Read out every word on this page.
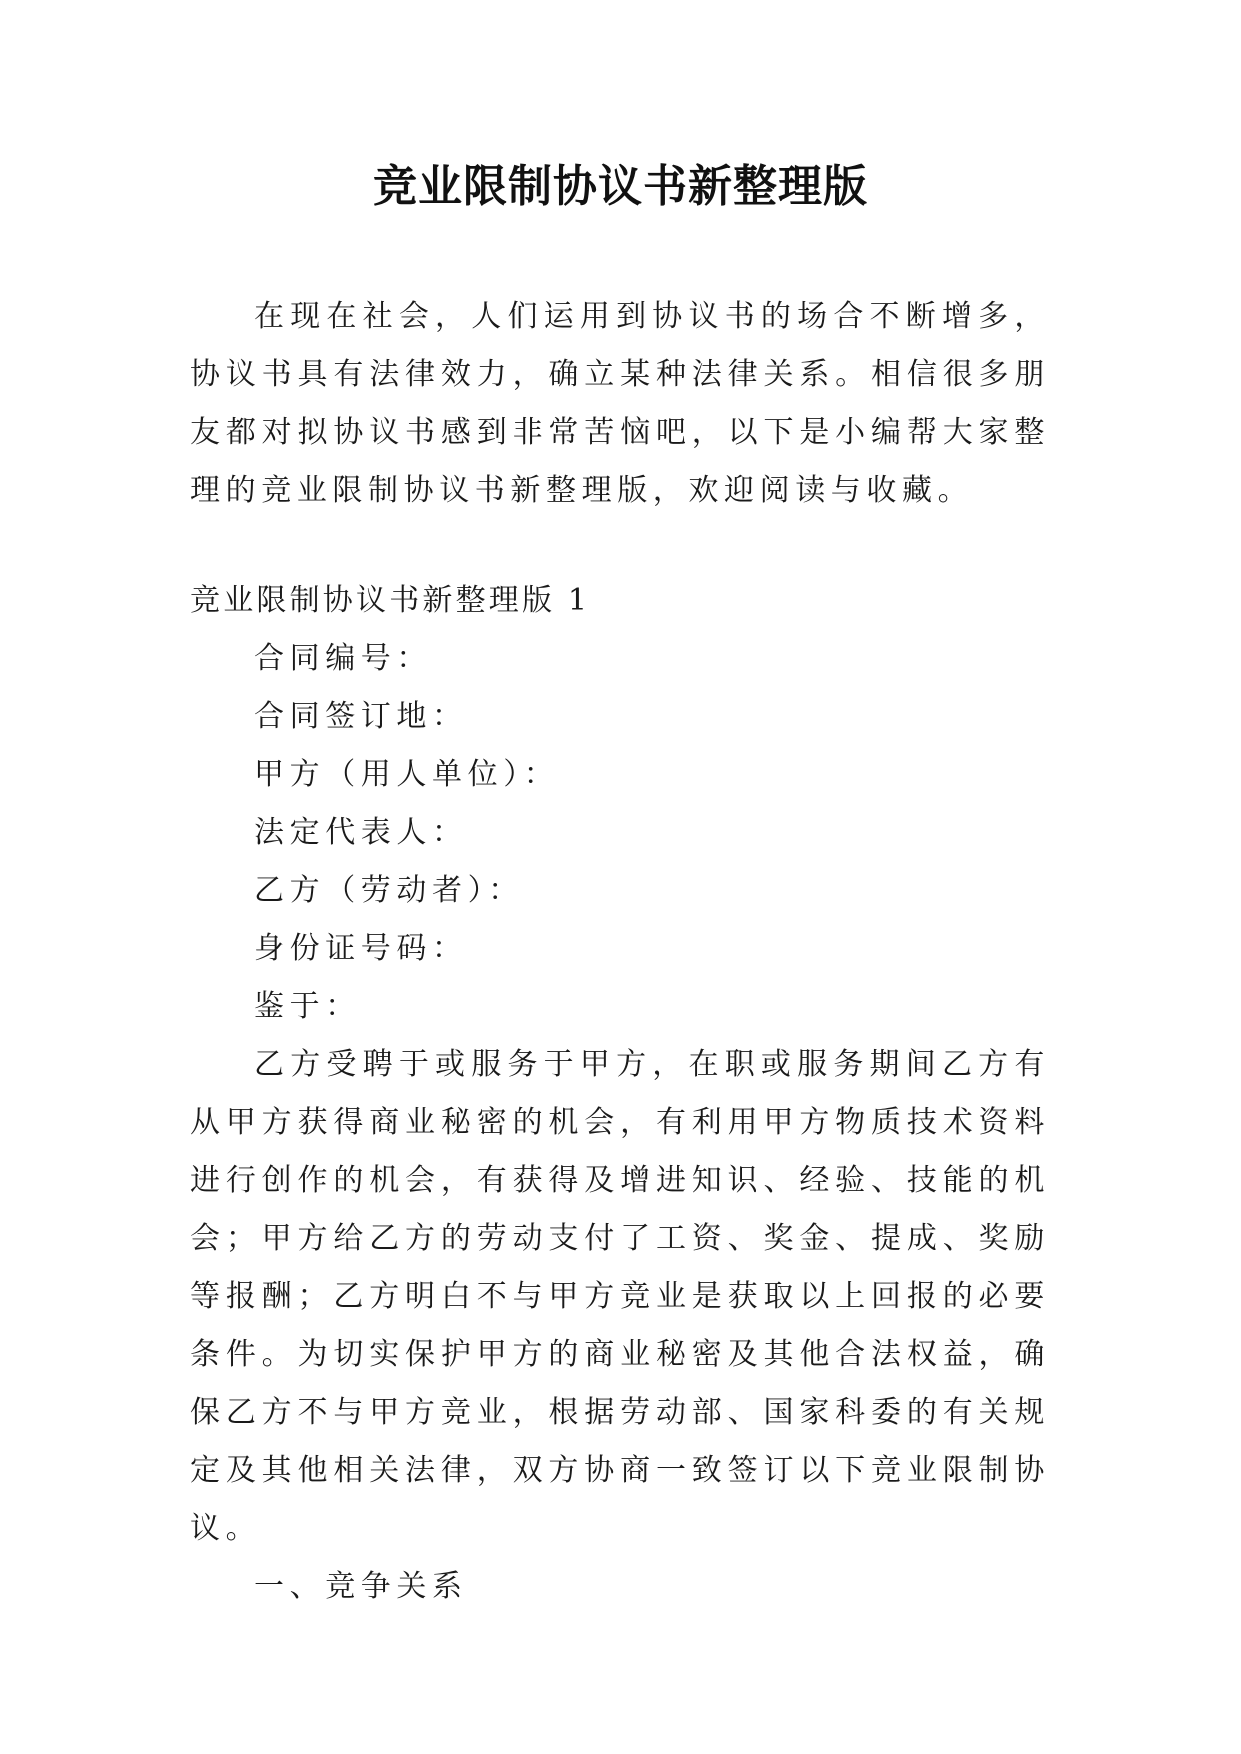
竞业限制协议书新整理版

在现在社会，人们运用到协议书的场合不断增多，协议书具有法律效力，确立某种法律关系。相信很多朋友都对拟协议书感到非常苦恼吧，以下是小编帮大家整理的竞业限制协议书新整理版，欢迎阅读与收藏。

竞业限制协议书新整理版 1

合同编号：

合同签订地：

甲方（用人单位）：

法定代表人：

乙方（劳动者）：

身份证号码：

鉴于：

乙方受聘于或服务于甲方，在职或服务期间乙方有从甲方获得商业秘密的机会，有利用甲方物质技术资料进行创作的机会，有获得及增进知识、经验、技能的机会；甲方给乙方的劳动支付了工资、奖金、提成、奖励等报酬；乙方明白不与甲方竞业是获取以上回报的必要条件。为切实保护甲方的商业秘密及其他合法权益，确保乙方不与甲方竞业，根据劳动部、国家科委的有关规定及其他相关法律，双方协商一致签订以下竞业限制协议。

一、竞争关系
